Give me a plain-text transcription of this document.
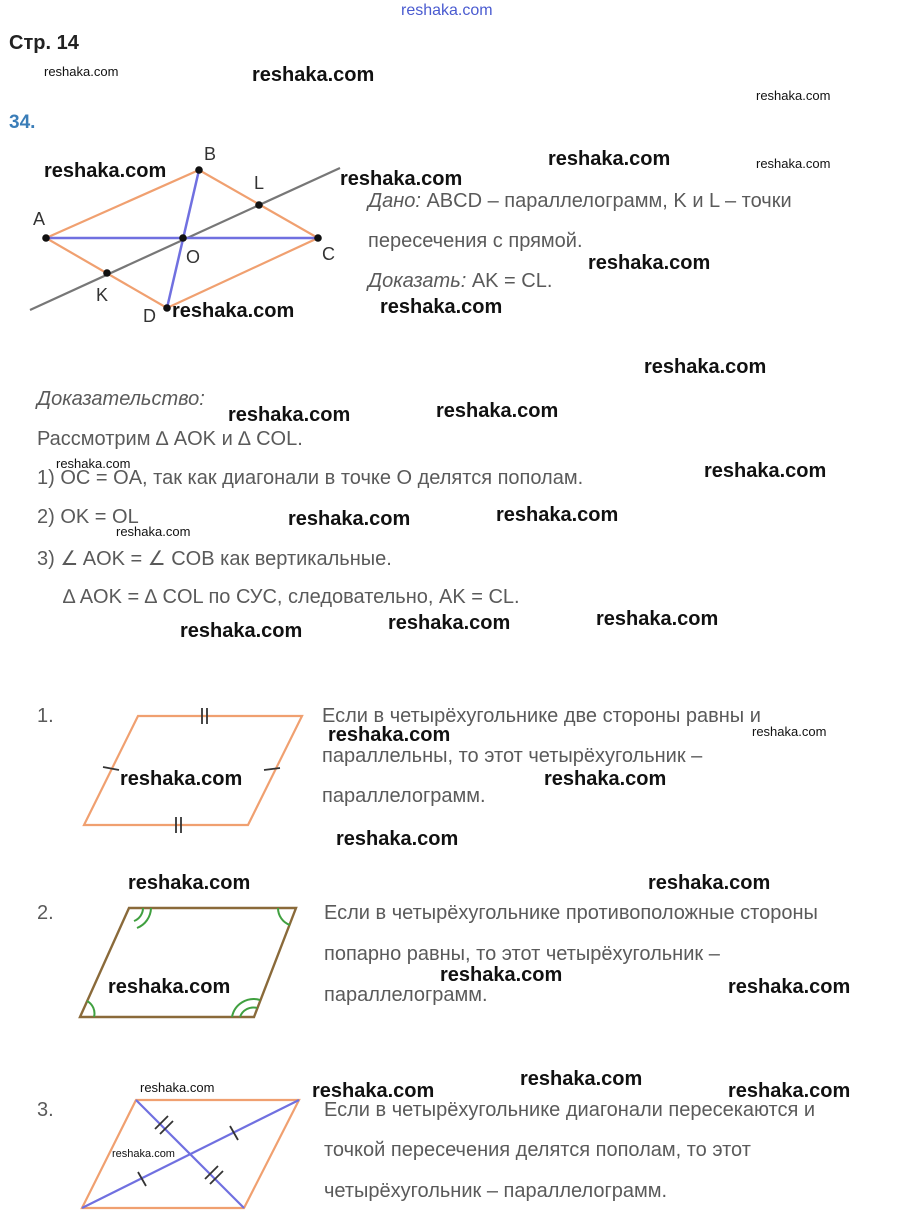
reshaka.com
Стр. 14
34.
A
B
C
D
O
K
L
Дано: ABCD – параллелограмм, K и L – точки
пересечения с прямой.
Доказать: AK = CL.
Доказательство:
Рассмотрим ∆ AOK и ∆ COL.
1) OC = OA, так как диагонали в точке O делятся пополам.
2) OK = OL
3) ∠ AOK = ∠ COB как вертикальные.
∆ AOK = ∆ COL по СУС, следовательно, AK = CL.
1.	Если в четырёхугольнике две стороны равны и
параллельны, то этот четырёхугольник –
параллелограмм.
2.	Если в четырёхугольнике противоположные стороны
попарно равны, то этот четырёхугольник –
параллелограмм.
3.	Если в четырёхугольнике диагонали пересекаются и
точкой пересечения делятся пополам, то этот
четырёхугольник – параллелограмм.
reshaka.com
reshaka.com
reshaka.com
reshaka.com
reshaka.com
reshaka.com
reshaka.com
reshaka.com
reshaka.com
reshaka.com
reshaka.com
reshaka.com
reshaka.com
reshaka.com
reshaka.com
reshaka.com
reshaka.com	reshaka.com
reshaka.com
reshaka.com	reshaka.com
reshaka.com	reshaka.com	reshaka.com
reshaka.com
reshaka.com	reshaka.com
reshaka.com
reshaka.com	reshaka.com
reshaka.com
reshaka.com	reshaka.com
reshaka.com
reshaka.com	reshaka.com
